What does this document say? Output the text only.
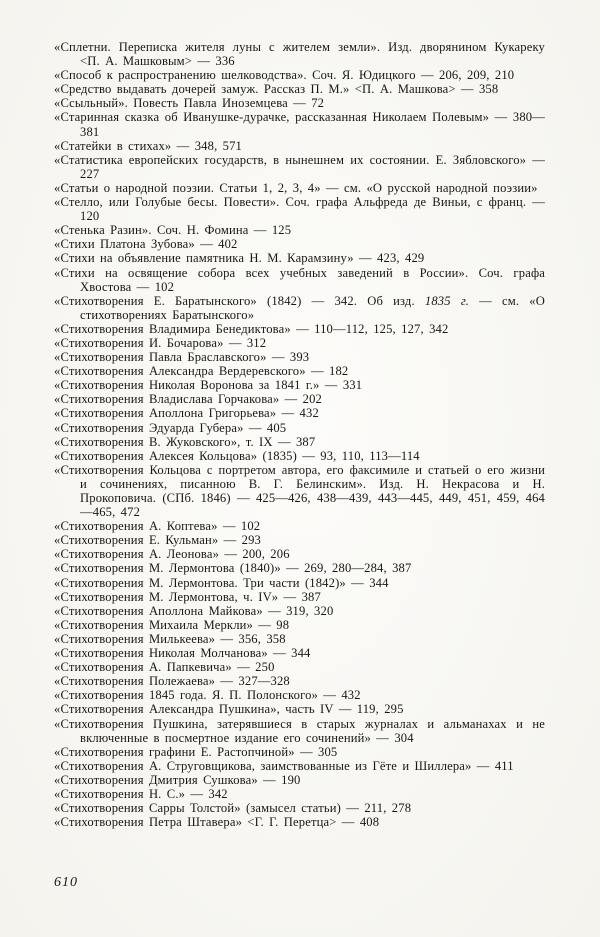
«Сплетни. Переписка жителя луны с жителем земли». Изд. дворянином Кукареку <П. А. Машковым> — 336

«Способ к распространению шелководства». Соч. Я. Юдицкого — 206, 209, 210

«Средство выдавать дочерей замуж. Рассказ П. М.» <П. А. Машкова> — 358

«Ссыльный». Повесть Павла Иноземцева — 72

«Старинная сказка об Иванушке-дурачке, рассказанная Николаем Полевым» — 380—381

«Статейки в стихах» — 348, 571

«Статистика европейских государств, в нынешнем их состоянии. Е. Зябловского» — 227

«Статьи о народной поэзии. Статьи 1, 2, 3, 4» — см. «О русской народной поэзии»

«Стелло, или Голубые бесы. Повести». Соч. графа Альфреда де Виньи, с франц. — 120

«Стенька Разин». Соч. Н. Фомина — 125

«Стихи Платона Зубова» — 402

«Стихи на объявление памятника Н. М. Карамзину» — 423, 429

«Стихи на освящение собора всех учебных заведений в России». Соч. графа Хвостова — 102

«Стихотворения Е. Баратынского» (1842) — 342. Об изд. 1835 г. — см. «О стихотворениях Баратынского»

«Стихотворения Владимира Бенедиктова» — 110—112, 125, 127, 342

«Стихотворения И. Бочарова» — 312

«Стихотворения Павла Браславского» — 393

«Стихотворения Александра Вердеревского» — 182

«Стихотворения Николая Воронова за 1841 г.» — 331

«Стихотворения Владислава Горчакова» — 202

«Стихотворения Аполлона Григорьева» — 432

«Стихотворения Эдуарда Губера» — 405

«Стихотворения В. Жуковского», т. IX — 387

«Стихотворения Алексея Кольцова» (1835) — 93, 110, 113—114

«Стихотворения Кольцова с портретом автора, его факсимиле и статьей о его жизни и сочинениях, писанною В. Г. Белинским». Изд. Н. Некрасова и Н. Прокоповича. (СПб. 1846) — 425—426, 438—439, 443—445, 449, 451, 459, 464—465, 472

«Стихотворения А. Коптева» — 102

«Стихотворения Е. Кульман» — 293

«Стихотворения А. Леонова» — 200, 206

«Стихотворения М. Лермонтова (1840)» — 269, 280—284, 387

«Стихотворения М. Лермонтова. Три части (1842)» — 344

«Стихотворения М. Лермонтова, ч. IV» — 387

«Стихотворения Аполлона Майкова» — 319, 320

«Стихотворения Михаила Меркли» — 98

«Стихотворения Милькеева» — 356, 358

«Стихотворения Николая Молчанова» — 344

«Стихотворения А. Папкевича» — 250

«Стихотворения Полежаева» — 327—328

«Стихотворения 1845 года. Я. П. Полонского» — 432

«Стихотворения Александра Пушкина», часть IV — 119, 295

«Стихотворения Пушкина, затерявшиеся в старых журналах и альманахах и не включенные в посмертное издание его сочинений» — 304

«Стихотворения графини Е. Растопчиной» — 305

«Стихотворения А. Струговщикова, заимствованные из Гёте и Шиллера» — 411

«Стихотворения Дмитрия Сушкова» — 190

«Стихотворения Н. С.» — 342

«Стихотворения Сарры Толстой» (замысел статьи) — 211, 278

«Стихотворения Петра Штавера» <Г. Г. Перетца> — 408

610
